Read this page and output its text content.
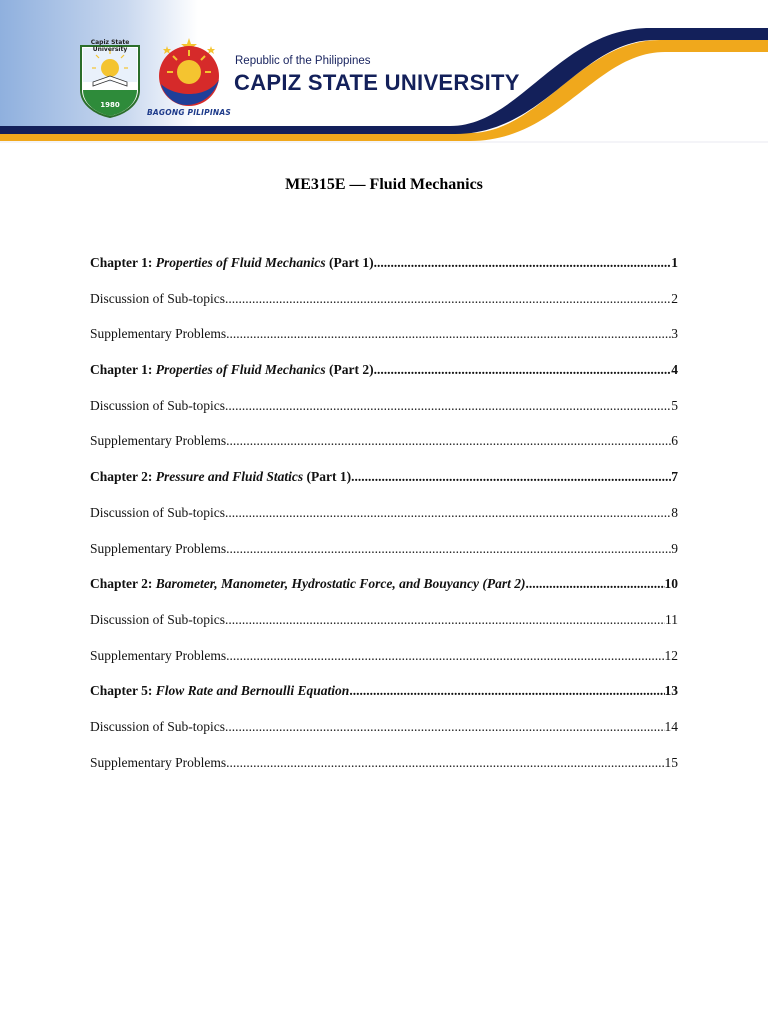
Capiz State University
1980
BAGONG PILIPINAS
Republic of the Philippines
CAPIZ STATE UNIVERSITY
ME315E — Fluid Mechanics
Chapter 1: Properties of Fluid Mechanics (Part 1) .....	1
Discussion of Sub-topics .....	2
Supplementary Problems .....	3
Chapter 1: Properties of Fluid Mechanics (Part 2) .....	4
Discussion of Sub-topics .....	5
Supplementary Problems .....	6
Chapter 2: Pressure and Fluid Statics (Part 1) .....	7
Discussion of Sub-topics .....	8
Supplementary Problems .....	9
Chapter 2: Barometer, Manometer, Hydrostatic Force, and Bouyancy (Part 2) .....	10
Discussion of Sub-topics .....	11
Supplementary Problems .....	12
Chapter 5: Flow Rate and Bernoulli Equation .....	13
Discussion of Sub-topics .....	14
Supplementary Problems .....	15
